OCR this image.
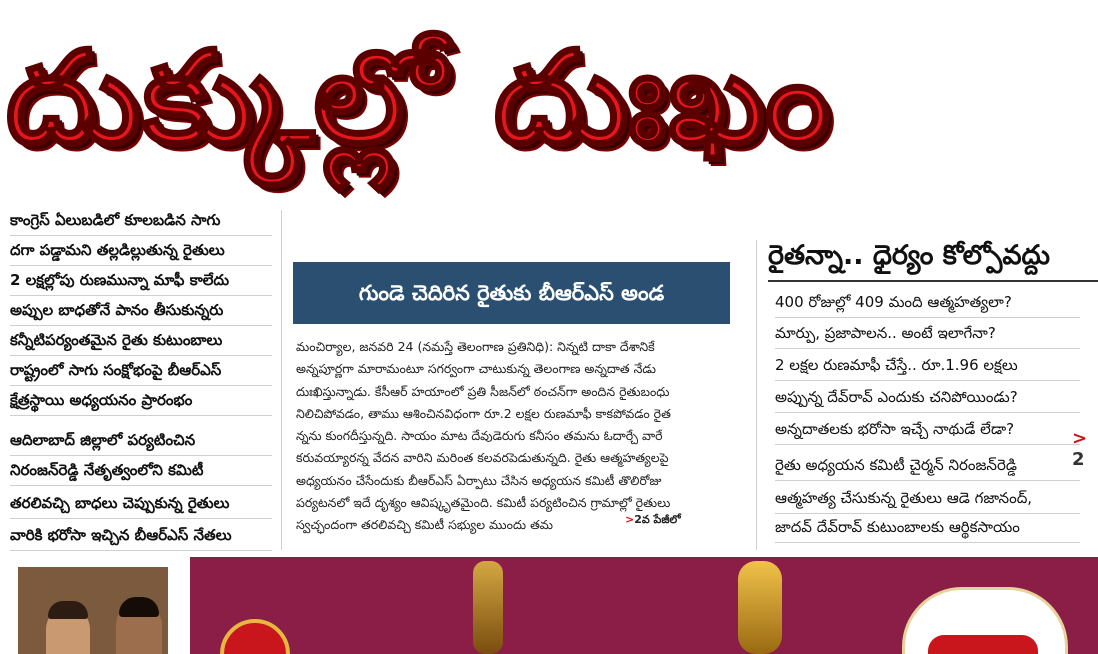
దుక్కుల్లో దుఃఖం
కాంగ్రెస్ ఏలుబడిలో కూలబడిన సాగు
దగా పడ్డామని తల్లడిల్లుతున్న రైతులు
2 లక్షల్లోపు రుణమున్నా మాఫీ కాలేదు
అప్పుల బాధతోనే పానం తీసుకున్నరు
కన్నీటిపర్యంతమైన రైతు కుటుంబాలు
రాష్ట్రంలో సాగు సంక్షోభంపై బీఆర్ఎస్
క్షేత్రస్థాయి అధ్యయనం ప్రారంభం
ఆదిలాబాద్ జిల్లాలో పర్యటించిన
నిరంజన్‌రెడ్డి నేతృత్వంలోని కమిటీ
తరలివచ్చి బాధలు చెప్పుకున్న రైతులు
వారికి భరోసా ఇచ్చిన బీఆర్ఎస్ నేతలు
గుండె చెదిరిన రైతుకు బీఆర్ఎస్ అండ
మంచిర్యాల, జనవరి 24 (నమస్తే తెలంగాణ ప్రతినిధి): నిన్నటి దాకా దేశానికే
అన్నపూర్ణగా మారామంటూ సగర్వంగా చాటుకున్న తెలంగాణ అన్నదాత నేడు
దుఃఖిస్తున్నాడు. కేసీఆర్ హయాంలో ప్రతి సీజన్‌లో ఠంచన్‌గా అందిన రైతుబంధు
నిలిచిపోవడం, తాము ఆశించినవిధంగా రూ.2 లక్షల రుణమాఫీ కాకపోవడం రైత
న్నను కుంగదీస్తున్నది. సాయం మాట దేవుడెరుగు కనీసం తమను ఓదార్చే వారే
కరువయ్యారన్న వేదన వారిని మరింత కలవరపెడుతున్నది. రైతు ఆత్మహత్యలపై
అధ్యయనం చేసేందుకు బీఆర్ఎస్ ఏర్పాటు చేసిన అధ్యయన కమిటీ తొలిరోజు
పర్యటనలో ఇదే దృశ్యం ఆవిష్కృతమైంది. కమిటీ పర్యటించిన గ్రామాల్లో రైతులు
స్వచ్ఛందంగా తరలివచ్చి కమిటీ సభ్యుల ముందు తమ	>2వ పేజీలో
రైతన్నా.. ధైర్యం కోల్పోవద్దు
400 రోజుల్లో 409 మంది ఆత్మహత్యలా?
మార్పు, ప్రజాపాలన.. అంటే ఇలాగేనా?
2 లక్షల రుణమాఫీ చేస్తే.. రూ.1.96 లక్షలు
అప్పున్న దేవ్‌రావ్ ఎందుకు చనిపోయిండు?
అన్నదాతలకు భరోసా ఇచ్చే నాథుడే లేడా?
రైతు అధ్యయన కమిటీ చైర్మన్ నిరంజన్‌రెడ్డి
ఆత్మహత్య చేసుకున్న రైతులు ఆడె గజానంద్,
జాదవ్ దేవ్‌రావ్ కుటుంబాలకు ఆర్థికసాయం
> 2
